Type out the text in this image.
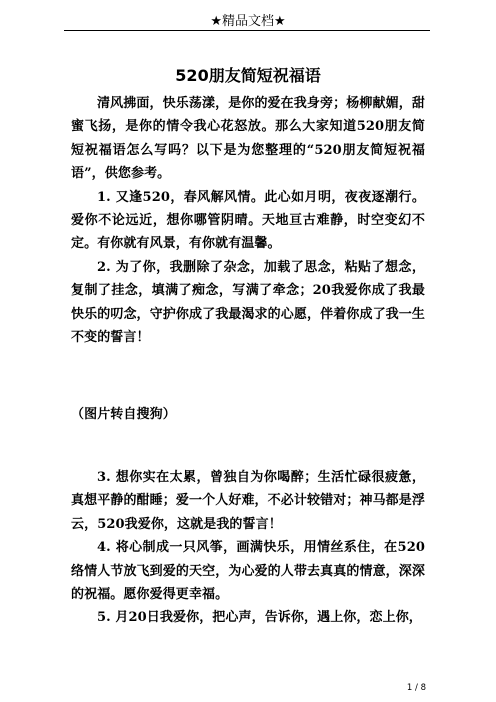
★精品文档★
520朋友简短祝福语

清风拂面，快乐荡漾，是你的爱在我身旁；杨柳献媚，甜蜜飞扬，是你的情令我心花怒放。那么大家知道520朋友简短祝福语怎么写吗？以下是为您整理的“520朋友简短祝福语”，供您参考。

1. 又逢520，春风解风情。此心如月明，夜夜逐潮行。爱你不论远近，想你哪管阴晴。天地亘古难静，时空变幻不定。有你就有风景，有你就有温馨。

2. 为了你，我删除了杂念，加载了思念，粘贴了想念，复制了挂念，填满了痴念，写满了牵念；20我爱你成了我最快乐的叨念，守护你成了我最渴求的心愿，伴着你成了我一生不变的誓言！

（图片转自搜狗）

3. 想你实在太累，曾独自为你喝醉；生活忙碌很疲惫，真想平静的酣睡；爱一个人好难，不必计较错对；神马都是浮云，520我爱你，这就是我的誓言！

4. 将心制成一只风筝，画满快乐，用情丝系住，在520络情人节放飞到爱的天空，为心爱的人带去真真的情意，深深的祝福。愿你爱得更幸福。

5. 月20日我爱你，把心声，告诉你，遇上你，恋上你，

1 / 8
